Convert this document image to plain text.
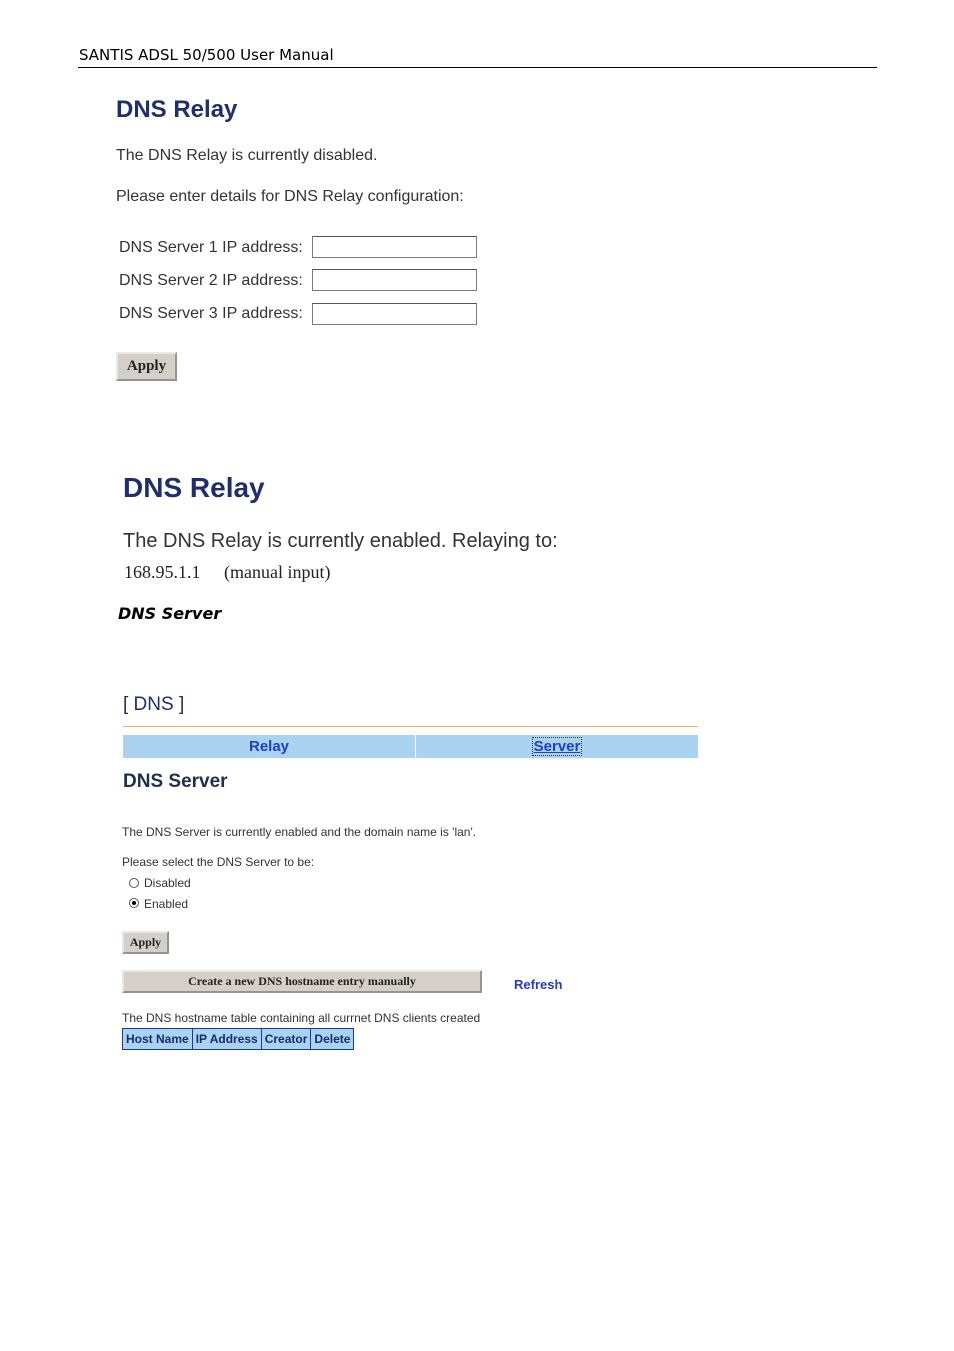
SANTIS ADSL 50/500 User Manual
DNS Relay
The DNS Relay is currently disabled.
Please enter details for DNS Relay configuration:
DNS Server 1 IP address:
DNS Server 2 IP address:
DNS Server 3 IP address:
Apply
DNS Relay
The DNS Relay is currently enabled. Relaying to:
168.95.1.1 (manual input)
DNS Server
[ DNS ]
Relay	Server
DNS Server
The DNS Server is currently enabled and the domain name is 'lan'.
Please select the DNS Server to be:
Disabled
Enabled
Apply
Create a new DNS hostname entry manually	Refresh
The DNS hostname table containing all currnet DNS clients created
Host Name	IP Address	Creator	Delete
